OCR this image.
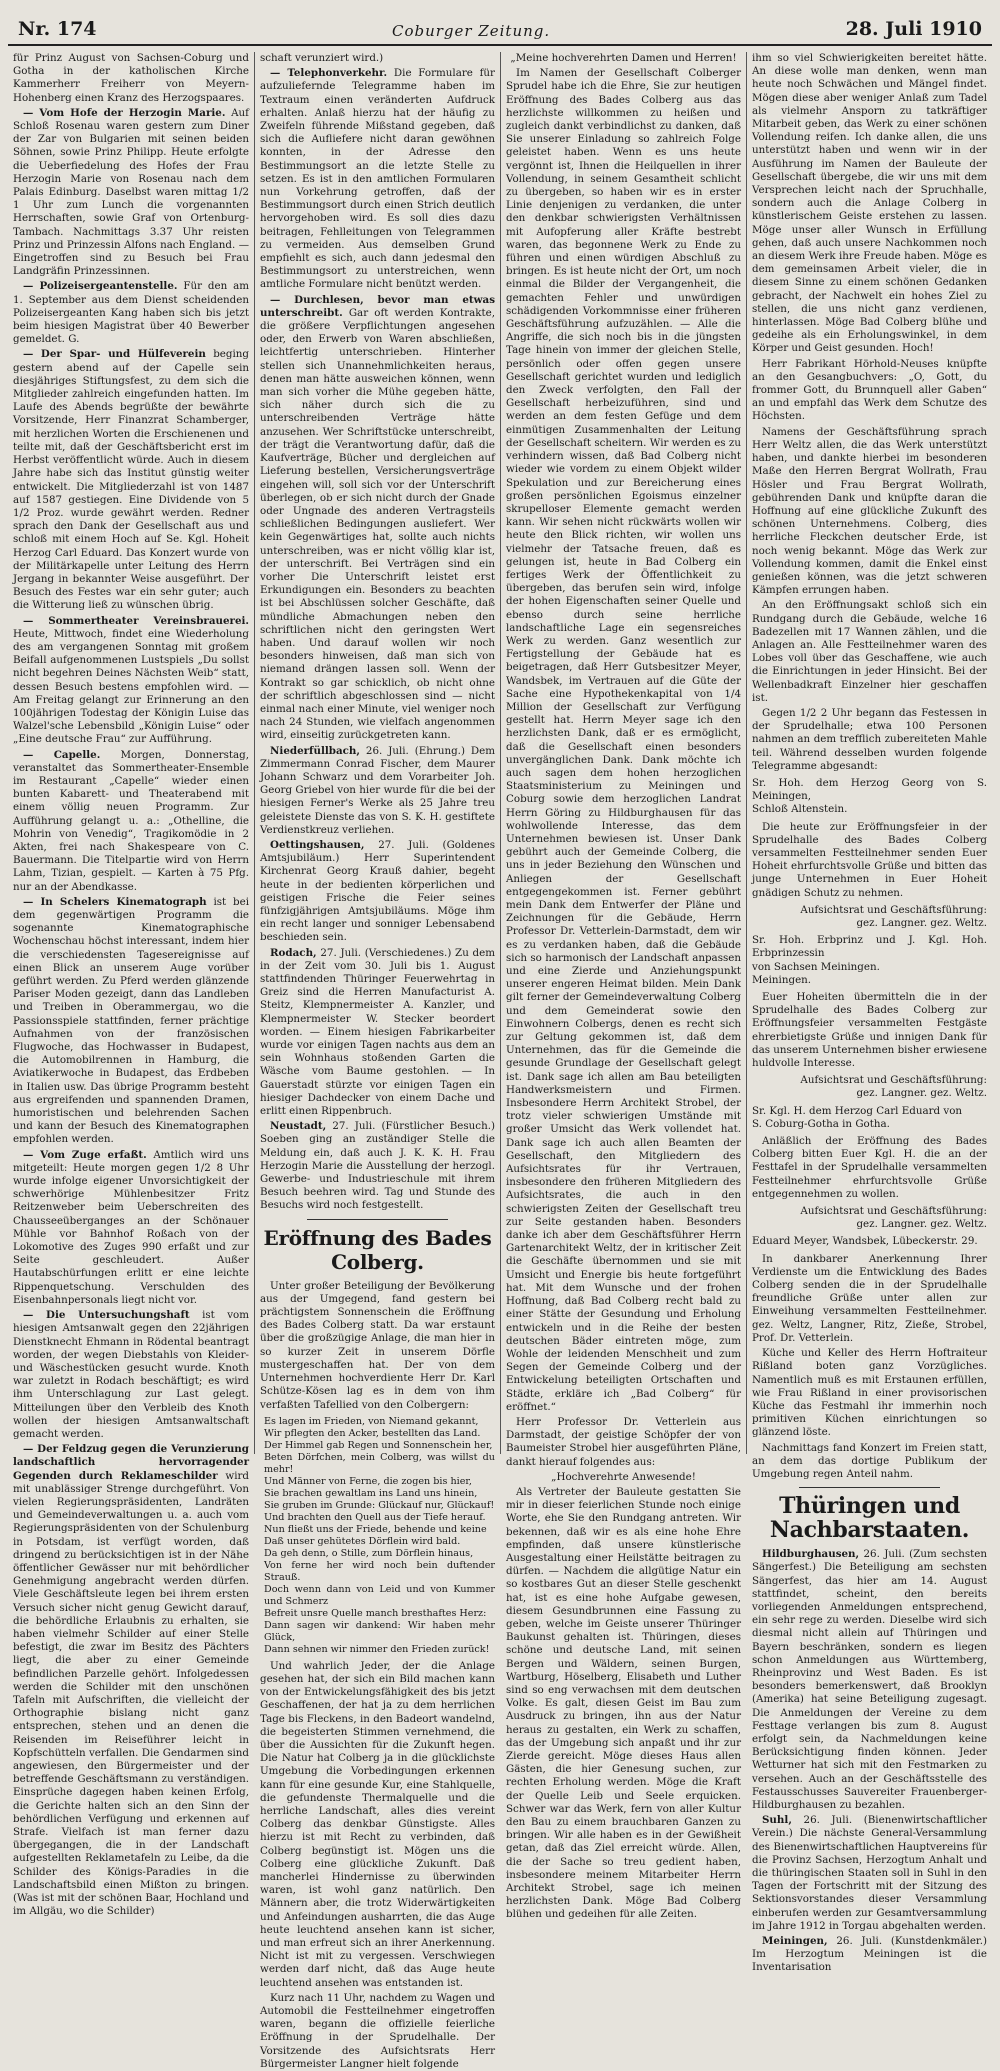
Nr. 174	Coburger Zeitung.	28. Juli 1910

für Prinz August von Sachsen-Coburg und Gotha in der katholischen Kirche Kammerherr Freiherr von Meyern-Hohenberg einen Kranz des Herzogspaares.

— Vom Hofe der Herzogin Marie. Auf Schloß Rosenau waren gestern zum Diner der Zar von Bulgarien mit seinen beiden Söhnen, sowie Prinz Philipp. Heute erfolgte die Ueberfiedelung des Hofes der Frau Herzogin Marie von Rosenau nach dem Palais Edinburg. Daselbst waren mittag 1/2 1 Uhr zum Lunch die vorgenannten Herrschaften, sowie Graf von Ortenburg-Tambach. Nachmittags 3.37 Uhr reisten Prinz und Prinzessin Alfons nach England. — Eingetroffen sind zu Besuch bei Frau Landgräfin Prinzessinnen.

— Polizeisergeantenstelle. Für den am 1. September aus dem Dienst scheidenden Polizeisergeanten Kang haben sich bis jetzt beim hiesigen Magistrat über 40 Bewerber gemeldet. G.

— Der Spar- und Hülfeverein beging gestern abend auf der Capelle sein diesjähriges Stiftungsfest, zu dem sich die Mitglieder zahlreich eingefunden hatten. Im Laufe des Abends begrüßte der bewährte Vorsitzende, Herr Finanzrat Schamberger, mit herzlichen Worten die Erschienenen und teilte mit, daß der Geschäftsbericht erst im Herbst veröffentlicht würde. Auch in diesem Jahre habe sich das Institut günstig weiter entwickelt. Die Mitgliederzahl ist von 1487 auf 1587 gestiegen. Eine Dividende von 5 1/2 Proz. wurde gewährt werden. Redner sprach den Dank der Gesellschaft aus und schloß mit einem Hoch auf Se. Kgl. Hoheit Herzog Carl Eduard. Das Konzert wurde von der Militärkapelle unter Leitung des Herrn Jergang in bekannter Weise ausgeführt. Der Besuch des Festes war ein sehr guter; auch die Witterung ließ zu wünschen übrig.

— Sommertheater Vereinsbrauerei. Heute, Mittwoch, findet eine Wiederholung des am vergangenen Sonntag mit großem Beifall aufgenommenen Lustspiels „Du sollst nicht begehren Deines Nächsten Weib“ statt, dessen Besuch bestens empfohlen wird. — Am Freitag gelangt zur Erinnerung an den 100jährigen Todestag der Königin Luise das Walzel'sche Lebensbild „Königin Luise“ oder „Eine deutsche Frau“ zur Aufführung.

— Capelle. Morgen, Donnerstag, veranstaltet das Sommertheater-Ensemble im Restaurant „Capelle“ wieder einen bunten Kabarett- und Theaterabend mit einem völlig neuen Programm. Zur Aufführung gelangt u. a.: „Othelline, die Mohrin von Venedig“, Tragikomödie in 2 Akten, frei nach Shakespeare von C. Bauermann. Die Titelpartie wird von Herrn Lahm, Tizian, gespielt. — Karten à 75 Pfg. nur an der Abendkasse.

— In Schelers Kinematograph ist bei dem gegenwärtigen Programm die sogenannte Kinematographische Wochenschau höchst interessant, indem hier die verschiedensten Tagesereignisse auf einen Blick an unserem Auge vorüber geführt werden. Zu Pferd werden glänzende Pariser Moden gezeigt, dann das Landleben und Treiben in Oberammergau, wo die Passionsspiele stattfinden, ferner prächtige Aufnahmen von der französischen Flugwoche, das Hochwasser in Budapest, die Automobilrennen in Hamburg, die Aviatikerwoche in Budapest, das Erdbeben in Italien usw. Das übrige Programm besteht aus ergreifenden und spannenden Dramen, humoristischen und belehrenden Sachen und kann der Besuch des Kinematographen empfohlen werden.

— Vom Zuge erfaßt. Amtlich wird uns mitgeteilt: Heute morgen gegen 1/2 8 Uhr wurde infolge eigener Unvorsichtigkeit der schwerhörige Mühlenbesitzer Fritz Reitzenweber beim Ueberschreiten des Chausseeüberganges an der Schönauer Mühle vor Bahnhof Roßach von der Lokomotive des Zuges 990 erfaßt und zur Seite geschleudert. Außer Hautabschürfungen erlitt er eine leichte Rippenquetschung. Verschulden des Eisenbahnpersonals liegt nicht vor.

— Die Untersuchungshaft ist vom hiesigen Amtsanwalt gegen den 22jährigen Dienstknecht Ehmann in Rödental beantragt worden, der wegen Diebstahls von Kleider- und Wäschestücken gesucht wurde. Knoth war zuletzt in Rodach beschäftigt; es wird ihm Unterschlagung zur Last gelegt. Mitteilungen über den Verbleib des Knoth wollen der hiesigen Amtsanwaltschaft gemacht werden.

— Der Feldzug gegen die Verunzierung landschaftlich hervorragender Gegenden durch Reklameschilder wird mit unablässiger Strenge durchgeführt. Von vielen Regierungspräsidenten, Landräten und Gemeindeverwaltungen u. a. auch vom Regierungspräsidenten von der Schulenburg in Potsdam, ist verfügt worden, daß dringend zu berücksichtigen ist in der Nähe öffentlicher Gewässer nur mit behördlicher Genehmigung angebracht werden dürfen. Viele Geschäftsleute legen bei ihrem ersten Versuch sicher nicht genug Gewicht darauf, die behördliche Erlaubnis zu erhalten, sie haben vielmehr Schilder auf einer Stelle befestigt, die zwar im Besitz des Pächters liegt, die aber zu einer Gemeinde befindlichen Parzelle gehört. Infolgedessen werden die Schilder mit den unschönen Tafeln mit Aufschriften, die vielleicht der Orthographie bislang nicht ganz entsprechen, stehen und an denen die Reisenden im Reiseführer leicht in Kopfschütteln verfallen. Die Gendarmen sind angewiesen, den Bürgermeister und der betreffende Geschäftsmann zu verständigen. Einsprüche dagegen haben keinen Erfolg, die Gerichte halten sich an den Sinn der behördlichen Verfügung und erkennen auf Strafe. Vielfach ist man ferner dazu übergegangen, die in der Landschaft aufgestellten Reklametafeln zu Leibe, da die Schilder des Königs-Paradies in die Landschaftsbild einen Mißton zu bringen. (Was ist mit der schönen Baar, Hochland und im Allgäu, wo die Schilder)

schaft verunziert wird.)

— Telephonverkehr. Die Formulare für aufzuliefernde Telegramme haben im Textraum einen veränderten Aufdruck erhalten. Anlaß hierzu hat der häufig zu Zweifeln führende Mißstand gegeben, daß sich die Aufliefere nicht daran gewöhnen konnten, in der Adresse den Bestimmungsort an die letzte Stelle zu setzen. Es ist in den amtlichen Formularen nun Vorkehrung getroffen, daß der Bestimmungsort durch einen Strich deutlich hervorgehoben wird. Es soll dies dazu beitragen, Fehlleitungen von Telegrammen zu vermeiden. Aus demselben Grund empfiehlt es sich, auch dann jedesmal den Bestimmungsort zu unterstreichen, wenn amtliche Formulare nicht benützt werden.

— Durchlesen, bevor man etwas unterschreibt. Gar oft werden Kontrakte, die größere Verpflichtungen angesehen oder, den Erwerb von Waren abschließen, leichtfertig unterschrieben. Hinterher stellen sich Unannehmlichkeiten heraus, denen man hätte ausweichen können, wenn man sich vorher die Mühe gegeben hätte, sich näher durch sich die zu unterschreibenden Verträge hätte anzusehen. Wer Schriftstücke unterschreibt, der trägt die Verantwortung dafür, daß die Kaufverträge, Bücher und dergleichen auf Lieferung bestellen, Versicherungsverträge eingehen will, soll sich vor der Unterschrift überlegen, ob er sich nicht durch der Gnade oder Ungnade des anderen Vertragsteils schließlichen Bedingungen ausliefert. Wer kein Gegenwärtiges hat, sollte auch nichts unterschreiben, was er nicht völlig klar ist, der unterschrift. Bei Verträgen sind ein vorher Die Unterschrift leistet erst Erkundigungen ein. Besonders zu beachten ist bei Abschlüssen solcher Geschäfte, daß mündliche Abmachungen neben den schriftlichen nicht den geringsten Wert haben. Und darauf wollen wir noch besonders hinweisen, daß man sich von niemand drängen lassen soll. Wenn der Kontrakt so gar schicklich, ob nicht ohne der schriftlich abgeschlossen sind — nicht einmal nach einer Minute, viel weniger noch nach 24 Stunden, wie vielfach angenommen wird, einseitig zurückgetreten kann.

Niederfüllbach, 26. Juli. (Ehrung.) Dem Zimmermann Conrad Fischer, dem Maurer Johann Schwarz und dem Vorarbeiter Joh. Georg Griebel von hier wurde für die bei der hiesigen Ferner's Werke als 25 Jahre treu geleistete Dienste das von S. K. H. gestiftete Verdienstkreuz verliehen.

Oettingshausen, 27. Juli. (Goldenes Amtsjubiläum.) Herr Superintendent Kirchenrat Georg Krauß dahier, begeht heute in der bedienten körperlichen und geistigen Frische die Feier seines fünfzigjährigen Amtsjubiläums. Möge ihm ein recht langer und sonniger Lebensabend beschieden sein.

Rodach, 27. Juli. (Verschiedenes.) Zu dem in der Zeit vom 30. Juli bis 1. August stattfindenden Thüringer Feuerwehrtag in Greiz sind die Herren Manufacturist A. Steitz, Klempnermeister A. Kanzler, und Klempnermeister W. Stecker beordert worden. — Einem hiesigen Fabrikarbeiter wurde vor einigen Tagen nachts aus dem an sein Wohnhaus stoßenden Garten die Wäsche vom Baume gestohlen. — In Gauerstadt stürzte vor einigen Tagen ein hiesiger Dachdecker von einem Dache und erlitt einen Rippenbruch.

Neustadt, 27. Juli. (Fürstlicher Besuch.) Soeben ging an zuständiger Stelle die Meldung ein, daß auch J. K. K. H. Frau Herzogin Marie die Ausstellung der herzogl. Gewerbe- und Industrieschule mit ihrem Besuch beehren wird. Tag und Stunde des Besuchs wird noch festgestellt.

Eröffnung des Bades Colberg.

Unter großer Beteiligung der Bevölkerung aus der Umgegend, fand gestern bei prächtigstem Sonnenschein die Eröffnung des Bades Colberg statt. Da war erstaunt über die großzügige Anlage, die man hier in so kurzer Zeit in unserem Dörfle mustergeschaffen hat. Der von dem Unternehmen hochverdiente Herr Dr. Karl Schütze-Kösen lag es in dem von ihm verfaßten Tafellied von den Colbergern:

Es lagen im Frieden, von Niemand gekannt,
Wir pflegten den Acker, bestellten das Land.
Der Himmel gab Regen und Sonnenschein her,
Beten Dörfchen, mein Colberg, was willst du mehr!
Und Männer von Ferne, die zogen bis hier,
Sie brachen gewaltlam ins Land uns hinein,
Sie gruben im Grunde: Glückauf nur, Glückauf!
Und brachten den Quell aus der Tiefe herauf.
Nun fließt uns der Friede, behende und keine
Daß unser gehütetes Dörflein wird bald.
Da geh denn, o Stille, zum Dörflein hinaus,
Von ferne her wird noch bein duftender Strauß.
Doch wenn dann von Leid und von Kummer und Schmerz
Befreit unsre Quelle manch bresthaftes Herz:
Dann sagen wir dankend: Wir haben mehr Glück,
Dann sehnen wir nimmer den Frieden zurück!

Und wahrlich Jeder, der die Anlage gesehen hat, der sich ein Bild machen kann von der Entwickelungsfähigkeit des bis jetzt Geschaffenen, der hat ja zu dem herrlichen Tage bis Fleckens, in den Badeort wandelnd, die begeisterten Stimmen vernehmend, die über die Aussichten für die Zukunft hegen. Die Natur hat Colberg ja in die glücklichste Umgebung die Vorbedingungen erkennen kann für eine gesunde Kur, eine Stahlquelle, die gefundenste Thermalquelle und die herrliche Landschaft, alles dies vereint Colberg das denkbar Günstigste. Alles hierzu ist mit Recht zu verbinden, daß Colberg begünstigt ist. Mögen uns die Colberg eine glückliche Zukunft. Daß mancherlei Hindernisse zu überwinden waren, ist wohl ganz natürlich. Den Männern aber, die trotz Widerwärtigkeiten und Anfeindungen ausharrten, die das Auge heute leuchtend ansehen kann ist sicher, und man erfreut sich an ihrer Anerkennung. Nicht ist mit zu vergessen. Verschwiegen werden darf nicht, daß das Auge heute leuchtend ansehen was entstanden ist.

Kurz nach 11 Uhr, nachdem zu Wagen und Automobil die Festteilnehmer eingetroffen waren, begann die offizielle feierliche Eröffnung in der Sprudelhalle. Der Vorsitzende des Aufsichtsrats Herr Bürgermeister Langner hielt folgende

„Meine hochverehrten Damen und Herren!

Im Namen der Gesellschaft Colberger Sprudel habe ich die Ehre, Sie zur heutigen Eröffnung des Bades Colberg aus das herzlichste willkommen zu heißen und zugleich dankt verbindlichst zu danken, daß Sie unserer Einladung so zahlreich Folge geleistet haben. Wenn es uns heute vergönnt ist, Ihnen die Heilquellen in ihrer Vollendung, in seinem Gesamtheit schlicht zu übergeben, so haben wir es in erster Linie denjenigen zu verdanken, die unter den denkbar schwierigsten Verhältnissen mit Aufopferung aller Kräfte bestrebt waren, das begonnene Werk zu Ende zu führen und einen würdigen Abschluß zu bringen. Es ist heute nicht der Ort, um noch einmal die Bilder der Vergangenheit, die gemachten Fehler und unwürdigen schädigenden Vorkommnisse einer früheren Geschäftsführung aufzuzählen. — Alle die Angriffe, die sich noch bis in die jüngsten Tage hinein von immer der gleichen Stelle, persönlich oder offen gegen unsere Gesellschaft gerichtet wurden und lediglich den Zweck verfolgten, den Fall der Gesellschaft herbeizuführen, sind und werden an dem festen Gefüge und dem einmütigen Zusammenhalten der Leitung der Gesellschaft scheitern. Wir werden es zu verhindern wissen, daß Bad Colberg nicht wieder wie vordem zu einem Objekt wilder Spekulation und zur Bereicherung eines großen persönlichen Egoismus einzelner skrupelloser Elemente gemacht werden kann. Wir sehen nicht rückwärts wollen wir heute den Blick richten, wir wollen uns vielmehr der Tatsache freuen, daß es gelungen ist, heute in Bad Colberg ein fertiges Werk der Öffentlichkeit zu übergeben, das berufen sein wird, infolge der hohen Eigenschaften seiner Quelle und ebenso durch seine herrliche landschaftliche Lage ein segensreiches Werk zu werden. Ganz wesentlich zur Fertigstellung der Gebäude hat es beigetragen, daß Herr Gutsbesitzer Meyer, Wandsbek, im Vertrauen auf die Güte der Sache eine Hypothekenkapital von 1/4 Million der Gesellschaft zur Verfügung gestellt hat. Herrn Meyer sage ich den herzlichsten Dank, daß er es ermöglicht, daß die Gesellschaft einen besonders unvergänglichen Dank. Dank möchte ich auch sagen dem hohen herzoglichen Staatsministerium zu Meiningen und Coburg sowie dem herzoglichen Landrat Herrn Göring zu Hildburghausen für das wohlwollende Interesse, das dem Unternehmen bewiesen ist. Unser Dank gebührt auch der Gemeinde Colberg, die uns in jeder Beziehung den Wünschen und Anliegen der Gesellschaft entgegengekommen ist. Ferner gebührt mein Dank dem Entwerfer der Pläne und Zeichnungen für die Gebäude, Herrn Professor Dr. Vetterlein-Darmstadt, dem wir es zu verdanken haben, daß die Gebäude sich so harmonisch der Landschaft anpassen und eine Zierde und Anziehungspunkt unserer engeren Heimat bilden. Mein Dank gilt ferner der Gemeindeverwaltung Colberg und dem Gemeinderat sowie den Einwohnern Colbergs, denen es recht sich zur Geltung gekommen ist, daß dem Unternehmen, das für die Gemeinde die gesunde Grundlage der Gesellschaft gelegt ist. Dank sage ich allen am Bau beteiligten Handwerksmeistern und Firmen. Insbesondere Herrn Architekt Strobel, der trotz vieler schwierigen Umstände mit großer Umsicht das Werk vollendet hat. Dank sage ich auch allen Beamten der Gesellschaft, den Mitgliedern des Aufsichtsrates für ihr Vertrauen, insbesondere den früheren Mitgliedern des Aufsichtsrates, die auch in den schwierigsten Zeiten der Gesellschaft treu zur Seite gestanden haben. Besonders danke ich aber dem Geschäftsführer Herrn Gartenarchitekt Weltz, der in kritischer Zeit die Geschäfte übernommen und sie mit Umsicht und Energie bis heute fortgeführt hat. Mit dem Wunsche und der frohen Hoffnung, daß Bad Colberg recht bald zu einer Stätte der Gesundung und Erholung entwickeln und in die Reihe der besten deutschen Bäder eintreten möge, zum Wohle der leidenden Menschheit und zum Segen der Gemeinde Colberg und der Entwickelung beteiligten Ortschaften und Städte, erkläre ich „Bad Colberg“ für eröffnet.“

Herr Professor Dr. Vetterlein aus Darmstadt, der geistige Schöpfer der von Baumeister Strobel hier ausgeführten Pläne, dankt hierauf folgendes aus:

„Hochverehrte Anwesende!

Als Vertreter der Bauleute gestatten Sie mir in dieser feierlichen Stunde noch einige Worte, ehe Sie den Rundgang antreten. Wir bekennen, daß wir es als eine hohe Ehre empfinden, daß unsere künstlerische Ausgestaltung einer Heilstätte beitragen zu dürfen. — Nachdem die allgütige Natur ein so kostbares Gut an dieser Stelle geschenkt hat, ist es eine hohe Aufgabe gewesen, diesem Gesundbrunnen eine Fassung zu geben, welche im Geiste unserer Thüringer Baukunst gehalten ist. Thüringen, dieses schöne und deutsche Land, mit seinen Bergen und Wäldern, seinen Burgen, Wartburg, Höselberg, Elisabeth und Luther sind so eng verwachsen mit dem deutschen Volke. Es galt, diesen Geist im Bau zum Ausdruck zu bringen, ihn aus der Natur heraus zu gestalten, ein Werk zu schaffen, das der Umgebung sich anpaßt und ihr zur Zierde gereicht. Möge dieses Haus allen Gästen, die hier Genesung suchen, zur rechten Erholung werden. Möge die Kraft der Quelle Leib und Seele erquicken. Schwer war das Werk, fern von aller Kultur den Bau zu einem brauchbaren Ganzen zu bringen. Wir alle haben es in der Gewißheit getan, daß das Ziel erreicht würde. Allen, die der Sache so treu gedient haben, insbesondere meinem Mitarbeiter Herrn Architekt Strobel, sage ich meinen herzlichsten Dank. Möge Bad Colberg blühen und gedeihen für alle Zeiten.

ihm so viel Schwierigkeiten bereitet hätte. An diese wolle man denken, wenn man heute noch Schwächen und Mängel findet. Mögen diese aber weniger Anlaß zum Tadel als vielmehr Ansporn zu tatkräftiger Mitarbeit geben, das Werk zu einer schönen Vollendung reifen. Ich danke allen, die uns unterstützt haben und wenn wir in der Ausführung im Namen der Bauleute der Gesellschaft übergebe, die wir uns mit dem Versprechen leicht nach der Spruchhalle, sondern auch die Anlage Colberg in künstlerischem Geiste erstehen zu lassen. Möge unser aller Wunsch in Erfüllung gehen, daß auch unsere Nachkommen noch an diesem Werk ihre Freude haben. Möge es dem gemeinsamen Arbeit vieler, die in diesem Sinne zu einem schönen Gedanken gebracht, der Nachwelt ein hohes Ziel zu stellen, die uns nicht ganz verdienen, hinterlassen. Möge Bad Colberg blühe und gedeihe als ein Erholungswinkel, in dem Körper und Geist gesunden. Hoch!

Herr Fabrikant Hörhold-Neuses knüpfte an den Gesangbuchvers: „O, Gott, du frommer Gott, du Brunnquell aller Gaben“ an und empfahl das Werk dem Schutze des Höchsten.

Namens der Geschäftsführung sprach Herr Weltz allen, die das Werk unterstützt haben, und dankte hierbei im besonderen Maße den Herren Bergrat Wollrath, Frau Hösler und Frau Bergrat Wollrath, gebührenden Dank und knüpfte daran die Hoffnung auf eine glückliche Zukunft des schönen Unternehmens. Colberg, dies herrliche Fleckchen deutscher Erde, ist noch wenig bekannt. Möge das Werk zur Vollendung kommen, damit die Enkel einst genießen können, was die jetzt schweren Kämpfen errungen haben.

An den Eröffnungsakt schloß sich ein Rundgang durch die Gebäude, welche 16 Badezellen mit 17 Wannen zählen, und die Anlagen an. Alle Festteilnehmer waren des Lobes voll über das Geschaffene, wie auch die Einrichtungen in jeder Hinsicht. Bei der Wellenbadkraft Einzelner hier geschaffen ist.

Gegen 1/2 2 Uhr begann das Festessen in der Sprudelhalle; etwa 100 Personen nahmen an dem trefflich zubereiteten Mahle teil. Während desselben wurden folgende Telegramme abgesandt:

Sr. Hoh. dem Herzog Georg von S. Meiningen,

Schloß Altenstein.

Die heute zur Eröffnungsfeier in der Sprudelhalle des Bades Colberg versammelten Festteilnehmer senden Euer Hoheit ehrfurchtsvolle Grüße und bitten das junge Unternehmen in Euer Hoheit gnädigen Schutz zu nehmen.

Aufsichtsrat und Geschäftsführung:

gez. Langner. gez. Weltz.

Sr. Hoh. Erbprinz und J. Kgl. Hoh. Erbprinzessin

von Sachsen Meiningen.

Meiningen.

Euer Hoheiten übermitteln die in der Sprudelhalle des Bades Colberg zur Eröffnungsfeier versammelten Festgäste ehrerbietigste Grüße und innigen Dank für das unserem Unternehmen bisher erwiesene huldvolle Interesse.

Aufsichtsrat und Geschäftsführung:

gez. Langner. gez. Weltz.

Sr. Kgl. H. dem Herzog Carl Eduard von

S. Coburg-Gotha in Gotha.

Anläßlich der Eröffnung des Bades Colberg bitten Euer Kgl. H. die an der Festtafel in der Sprudelhalle versammelten Festteilnehmer ehrfurchtsvolle Grüße entgegennehmen zu wollen.

Aufsichtsrat und Geschäftsführung:

gez. Langner. gez. Weltz.

Eduard Meyer, Wandsbek, Lübeckerstr. 29.

In dankbarer Anerkennung Ihrer Verdienste um die Entwicklung des Bades Colberg senden die in der Sprudelhalle freundliche Grüße unter allen zur Einweihung versammelten Festteilnehmer. gez. Weltz, Langner, Ritz, Zieße, Strobel, Prof. Dr. Vetterlein.

Küche und Keller des Herrn Hoftraiteur Rißland boten ganz Vorzügliches. Namentlich muß es mit Erstaunen erfüllen, wie Frau Rißland in einer provisorischen Küche das Festmahl ihr immerhin noch primitiven Küchen einrichtungen so glänzend löste.

Nachmittags fand Konzert im Freien statt, an dem das dortige Publikum der Umgebung regen Anteil nahm.

Thüringen und Nachbarstaaten.

Hildburghausen, 26. Juli. (Zum sechsten Sängerfest.) Die Beteiligung am sechsten Sängerfest, das hier am 14. August stattfindet, scheint, den bereits vorliegenden Anmeldungen entsprechend, ein sehr rege zu werden. Dieselbe wird sich diesmal nicht allein auf Thüringen und Bayern beschränken, sondern es liegen schon Anmeldungen aus Württemberg, Rheinprovinz und West Baden. Es ist besonders bemerkenswert, daß Brooklyn (Amerika) hat seine Beteiligung zugesagt. Die Anmeldungen der Vereine zu dem Festtage verlangen bis zum 8. August erfolgt sein, da Nachmeldungen keine Berücksichtigung finden können. Jeder Wetturner hat sich mit den Festmarken zu versehen. Auch an der Geschäftsstelle des Festausschusses Sauvereiter Frauenberger-Hildburghausen zu bezahlen.

Suhl, 26. Juli. (Bienenwirtschaftlicher Verein.) Die nächste General-Versammlung des Bienenwirtschaftlichen Hauptvereins für die Provinz Sachsen, Herzogtum Anhalt und die thüringischen Staaten soll in Suhl in den Tagen der Fortschritt mit der Sitzung des Sektionsvorstandes dieser Versammlung einberufen werden zur Gesamtversammlung im Jahre 1912 in Torgau abgehalten werden.

Meiningen, 26. Juli. (Kunstdenkmäler.) Im Herzogtum Meiningen ist die Inventarisation
